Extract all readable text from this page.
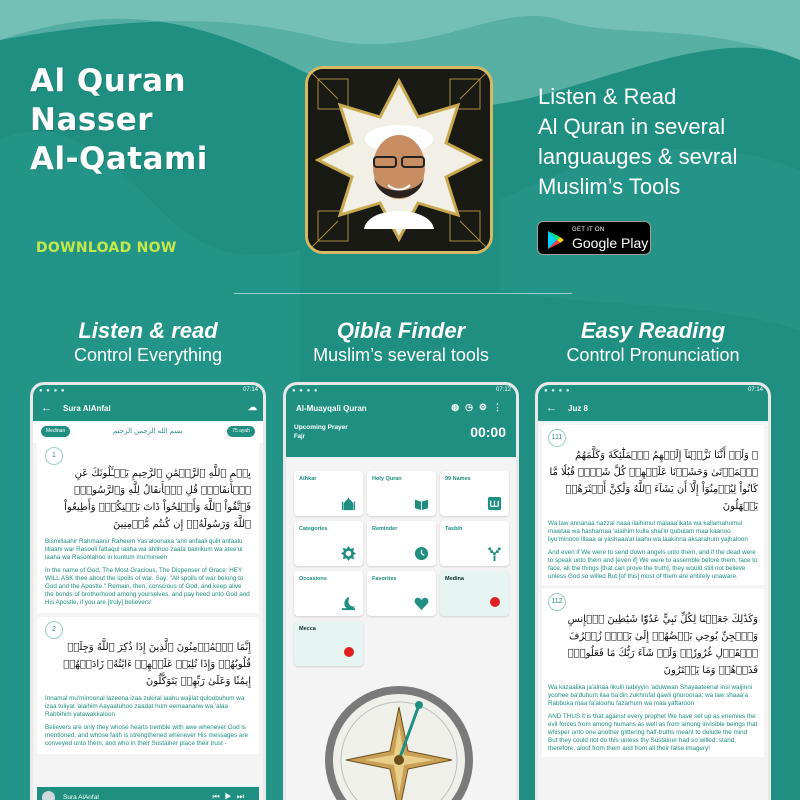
Al Quran
Nasser
Al-Qatami
DOWNLOAD NOW
Listen & Read
Al Quran in several
languauges & sevral
Muslim’s Tools
GET IT ON
Google Play
Listen & read
Control Everything
Qibla Finder
Muslim’s several tools
Easy Reading
Control Pronunciation
● ● ● ●	07:14
← Sura AlAnfal	☁
Medinan	بسم الله الرحمن الرحيم	75 ayah
1
بِسۡمِ ٱللَّهِ ٱلرَّحۡمَٰنِ ٱلرَّحِيمِ يَسۡـَٔلُونَكَ عَنِ ٱلۡأَنفَالِۖ قُلِ ٱلۡأَنفَالُ لِلَّهِ وَٱلرَّسُولِۖ فَٱتَّقُواْ ٱللَّهَ وَأَصۡلِحُواْ ذَاتَ بَيۡنِكُمۡۖ وَأَطِيعُواْ ٱللَّهَ وَرَسُولَهُۥٓ إِن كُنتُم مُّؤۡمِنِينَ
Bismillaahir Rahmaanir Raheem Yas'aloonaka 'anil anfaali qulil anfaalu lillaahi war Rasooli fattaqul laaha wa ahlihoo zaata bainikum wa atee'ul laaha wa Rasoolahoo in kuntum mu'mineen
In the name of God, The Most Gracious, The Dispenser of Grace: HEY WILL ASK thee about the spoils of war. Say: "All spoils of war belong to God and the Apostle." Remain, then, conscious of God, and keep alive the bonds of brotherhood among yourselves, and pay heed unto God and His Apostle, if you are [truly] believers!
2
إِنَّمَا ٱلۡمُؤۡمِنُونَ ٱلَّذِينَ إِذَا ذُكِرَ ٱللَّهُ وَجِلَتۡ قُلُوبُهُمۡ وَإِذَا تُلِيَتۡ عَلَيۡهِمۡ ءَايَٰتُهُۥ زَادَتۡهُمۡ إِيمَٰنٗا وَعَلَىٰ رَبِّهِمۡ يَتَوَكَّلُونَ
Innamal mu'minoonal lazeena izaa zukiral laahu wajilat quloobuhum wa izaa tuliyat 'alaihim Aayaatuhoo zaadat hum eemaananw wa 'alaa Rabbihim yatawakkaloon
Believers are only they whose hearts tremble with awe whenever God is mentioned, and whose faith is strengthened whenever His messages are conveyed unto them, and who in their Sustainer place their trust -
Sura AlAnfal	⏮▶⏭
● ● ● ●	07:12
Al-Muayqali Quran	◍◷⚙⋮
Upcoming Prayer
Fajr	00:00
Athkar	Holy Quran	99 Names
Categories	Reminder	Tasbih
Occasions	Favorites	Medina
Mecca
● ● ● ●	07:14
← Juz 8
111
۞ وَلَوۡ أَنَّنَا نَزَّلۡنَآ إِلَيۡهِمُ ٱلۡمَلَٰٓئِكَةَ وَكَلَّمَهُمُ ٱلۡمَوۡتَىٰ وَحَشَرۡنَا عَلَيۡهِمۡ كُلَّ شَيۡءٖ قُبُلٗا مَّا كَانُواْ لِيُؤۡمِنُوٓاْ إِلَّآ أَن يَشَآءَ ٱللَّهُ وَلَٰكِنَّ أَكۡثَرَهُمۡ يَجۡهَلُونَ
Wa law annanaa nazzal naaa ilaihimul malaaa'ikata wa kallamahumul mawtaa wa hasharnaa 'alaihim kulla shai'in qubulam maa kaanoo liyu'minooo illaaa ai yashaaa'al laahu wa laakinna aksarahum yajhaloon
And even if We were to send down angels unto them, and if the dead were to speak unto them and [even if] We were to assemble before them, face to face, all the things [that can prove the truth], they would still not believe unless God so willed But [of this] most of them are entirely unaware.
112
وَكَذَٰلِكَ جَعَلۡنَا لِكُلِّ نَبِيٍّ عَدُوّٗا شَيَٰطِينَ ٱلۡإِنسِ وَٱلۡجِنِّ يُوحِي بَعۡضُهُمۡ إِلَىٰ بَعۡضٖ زُخۡرُفَ ٱلۡقَوۡلِ غُرُورٗاۚ وَلَوۡ شَآءَ رَبُّكَ مَا فَعَلُوهُۖ فَذَرۡهُمۡ وَمَا يَفۡتَرُونَ
Wa kazaalika ja'alnaa likulli nabiyyin 'aduwwan Shayaateenal insi waljinni yoohee ba'duhum ilaa ba'din zukhrufal qawli ghurooraa; wa law shaaa'a Rabbuka maa fa'aloohu fazarhum wa maa yaftaroon
AND THUS it is that against every prophet We have set up as enemies the evil forces from among humans as well as from among invisible beings that whisper unto one another glittering half-truths meant to delude the mind But they could not do this unless thy Sustainer had so willed: stand, therefore, aloof from them and from all their false imagery!
